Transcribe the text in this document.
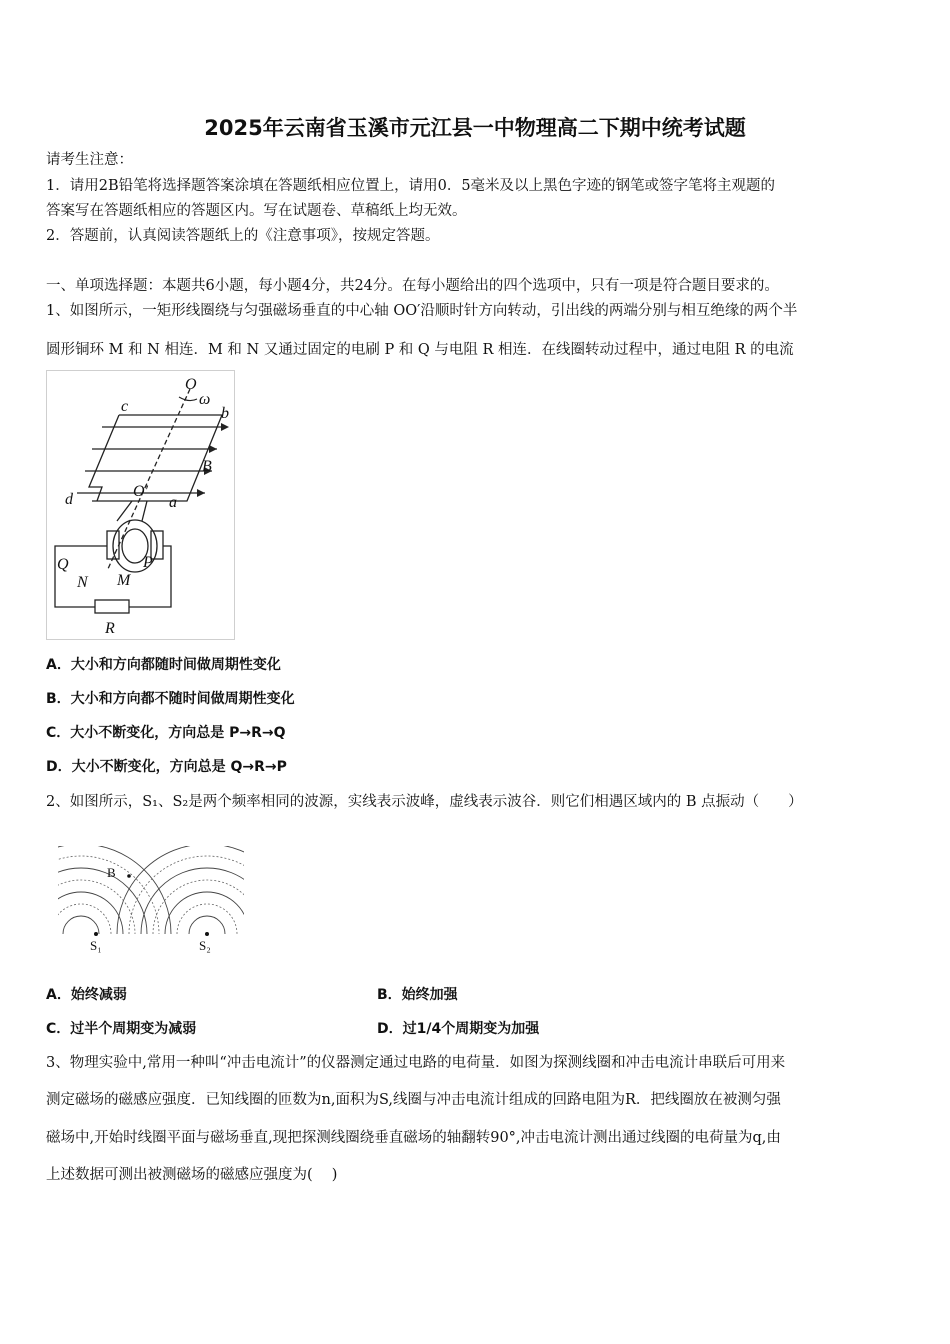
2025年云南省玉溪市元江县一中物理高二下期中统考试题
请考生注意：
1．请用2B铅笔将选择题答案涂填在答题纸相应位置上，请用0．5毫米及以上黑色字迹的钢笔或签字笔将主观题的
答案写在答题纸相应的答题区内。写在试题卷、草稿纸上均无效。
2．答题前，认真阅读答题纸上的《注意事项》，按规定答题。
一、单项选择题：本题共6小题，每小题4分，共24分。在每小题给出的四个选项中，只有一项是符合题目要求的。
1、如图所示，一矩形线圈绕与匀强磁场垂直的中心轴 OO′沿顺时针方向转动，引出线的两端分别与相互绝缘的两个半
圆形铜环 M 和 N 相连．M 和 N 又通过固定的电刷 P 和 Q 与电阻 R 相连．在线圈转动过程中，通过电阻 R 的电流
O
ω
c	b
B
d	O′
a
Q
N M
P
R
A．大小和方向都随时间做周期性变化
B．大小和方向都不随时间做周期性变化
C．大小不断变化，方向总是 P→R→Q
D．大小不断变化，方向总是 Q→R→P
2、如图所示，S₁、S₂是两个频率相同的波源，实线表示波峰，虚线表示波谷．则它们相遇区域内的 B 点振动（　　）
B
S₁	S₂
A．始终减弱	B．始终加强
C．过半个周期变为减弱	D．过1/4个周期变为加强
3、物理实验中,常用一种叫“冲击电流计”的仪器测定通过电路的电荷量．如图为探测线圈和冲击电流计串联后可用来
测定磁场的磁感应强度．已知线圈的匝数为n,面积为S,线圈与冲击电流计组成的回路电阻为R．把线圈放在被测匀强
磁场中,开始时线圈平面与磁场垂直,现把探测线圈绕垂直磁场的轴翻转90°,冲击电流计测出通过线圈的电荷量为q,由
上述数据可测出被测磁场的磁感应强度为(　 )
